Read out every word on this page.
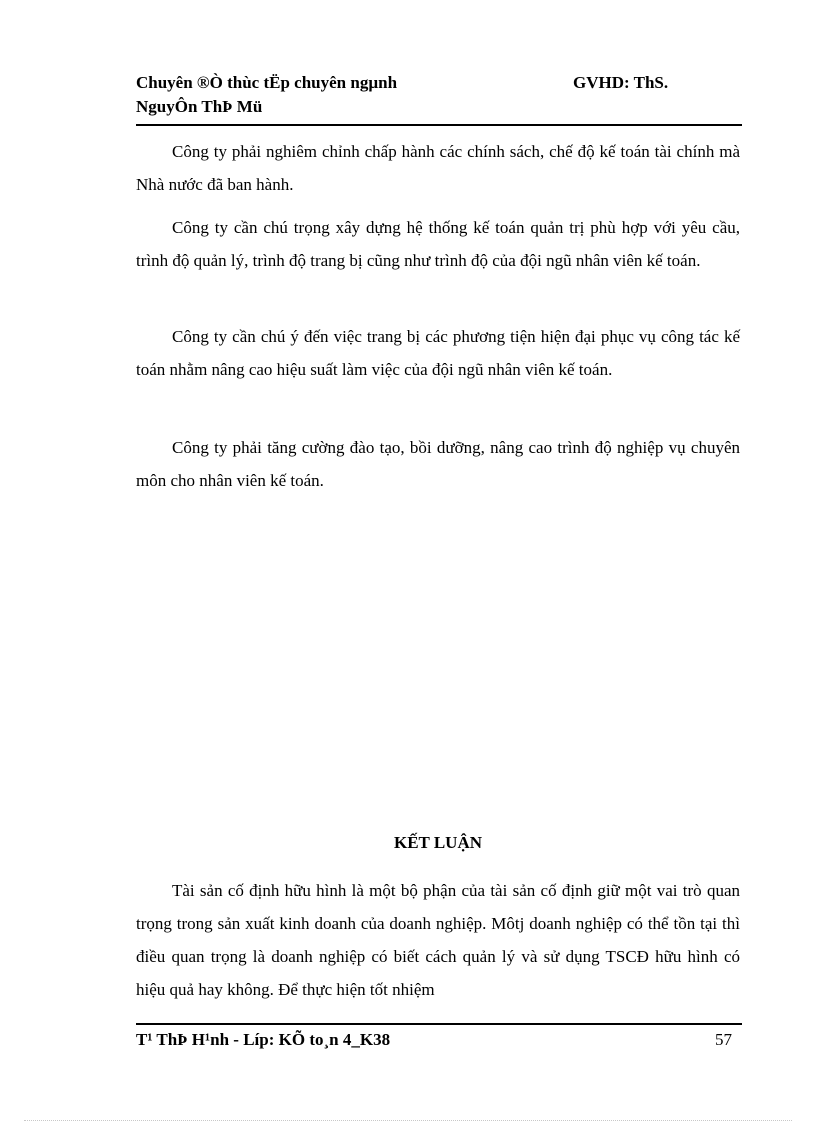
Chuyên ®Ò thùc tËp chuyên ngµnh	GVHD: ThS.
NguyÔn ThÞ Mü

Công ty phải nghiêm chỉnh chấp hành các chính sách, chế độ kế toán tài chính mà Nhà nước đã ban hành.

Công ty cần chú trọng xây dựng hệ thống kế toán quản trị phù hợp với yêu cầu, trình độ quản lý, trình độ trang bị cũng như trình độ của đội ngũ nhân viên kế toán.

Công ty cần chú ý đến việc trang bị các phương tiện hiện đại phục vụ công tác kế toán nhằm nâng cao hiệu suất làm việc của đội ngũ nhân viên kế toán.

Công ty phải tăng cường đào tạo, bồi dưỡng, nâng cao trình độ nghiệp vụ chuyên môn cho nhân viên kế toán.

KẾT LUẬN

Tài sản cố định hữu hình là một bộ phận của tài sản cố định giữ một vai trò quan trọng trong sản xuất kinh doanh của doanh nghiệp. Môtj doanh nghiệp có thể tồn tại thì điều quan trọng là doanh nghiệp có biết cách quản lý và sử dụng TSCĐ hữu hình có hiệu quả hay không. Để thực hiện tốt nhiệm

T¹ ThÞ H¹nh - Líp: KÕ to¸n 4_K38	57
